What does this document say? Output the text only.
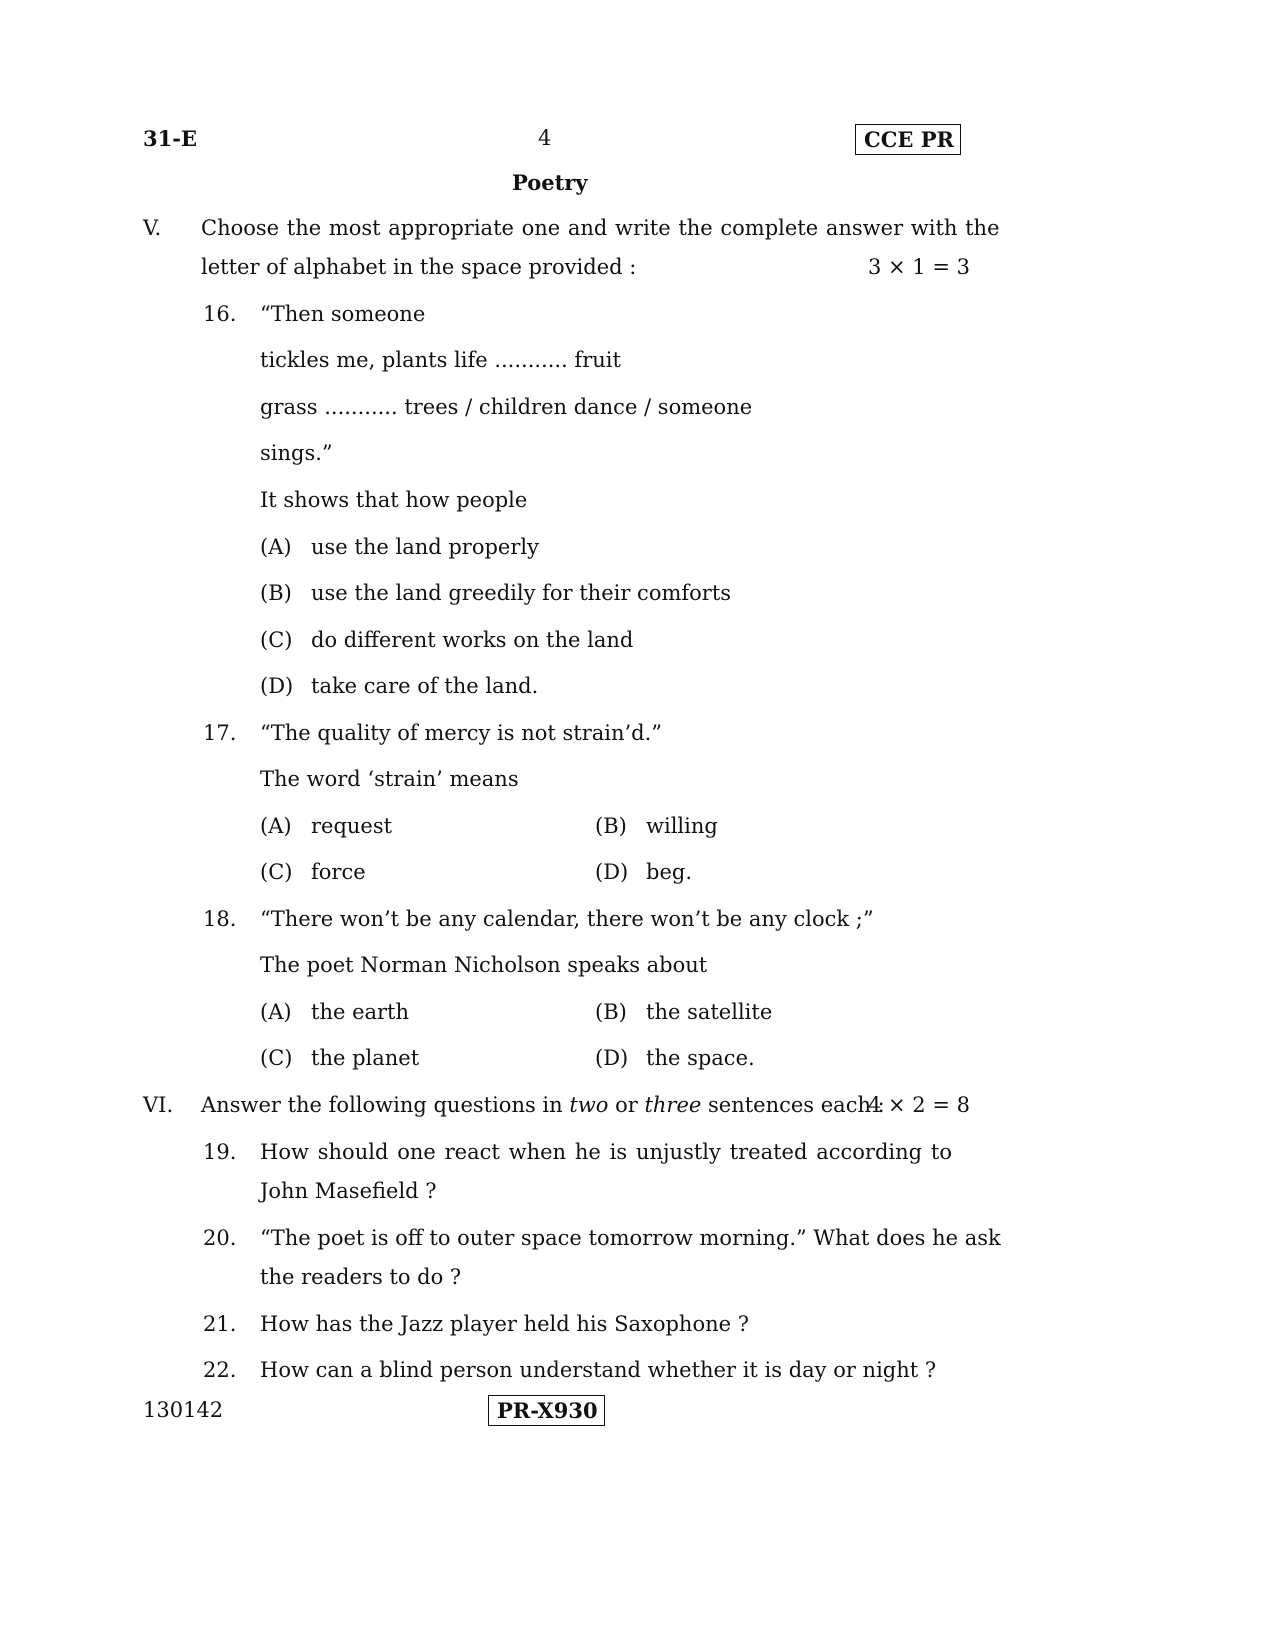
31-E	4	CCE PR
Poetry
V. Choose the most appropriate one and write the complete answer with the
letter of alphabet in the space provided :	3 × 1 = 3
16. “Then someone
tickles me, plants life ........... fruit
grass ........... trees / children dance / someone
sings.”
It shows that how people
(A) use the land properly
(B) use the land greedily for their comforts
(C) do different works on the land
(D) take care of the land.
17. “The quality of mercy is not strain’d.”
The word ‘strain’ means
(A) request	(B) willing
(C) force	(D) beg.
18. “There won’t be any calendar, there won’t be any clock ;”
The poet Norman Nicholson speaks about
(A) the earth	(B) the satellite
(C) the planet	(D) the space.
VI. Answer the following questions in two or three sentences each :
4 × 2 = 8
19. How should one react when he is unjustly treated according to
John Masefield ?
20. “The poet is off to outer space tomorrow morning.” What does he ask
the readers to do ?
21. How has the Jazz player held his Saxophone ?
22. How can a blind person understand whether it is day or night ?
130142	PR-X930
